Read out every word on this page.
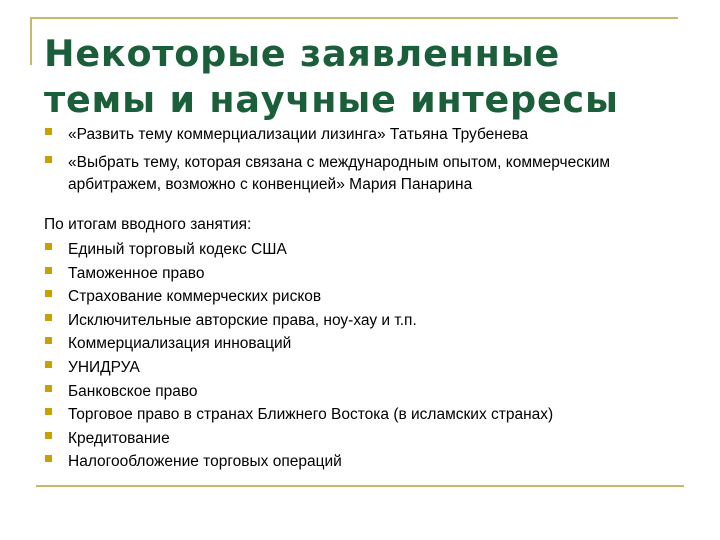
Некоторые заявленные
темы и научные интересы
«Развить тему коммерциализации лизинга» Татьяна Трубенева
«Выбрать тему, которая связана с международным опытом, коммерческим арбитражем, возможно с конвенцией» Мария Панарина
По итогам вводного занятия:
Единый торговый кодекс США
Таможенное право
Страхование коммерческих рисков
Исключительные авторские права, ноу-хау и т.п.
Коммерциализация инноваций
УНИДРУА
Банковское право
Торговое право в странах Ближнего Востока (в исламских странах)
Кредитование
Налогообложение торговых операций
